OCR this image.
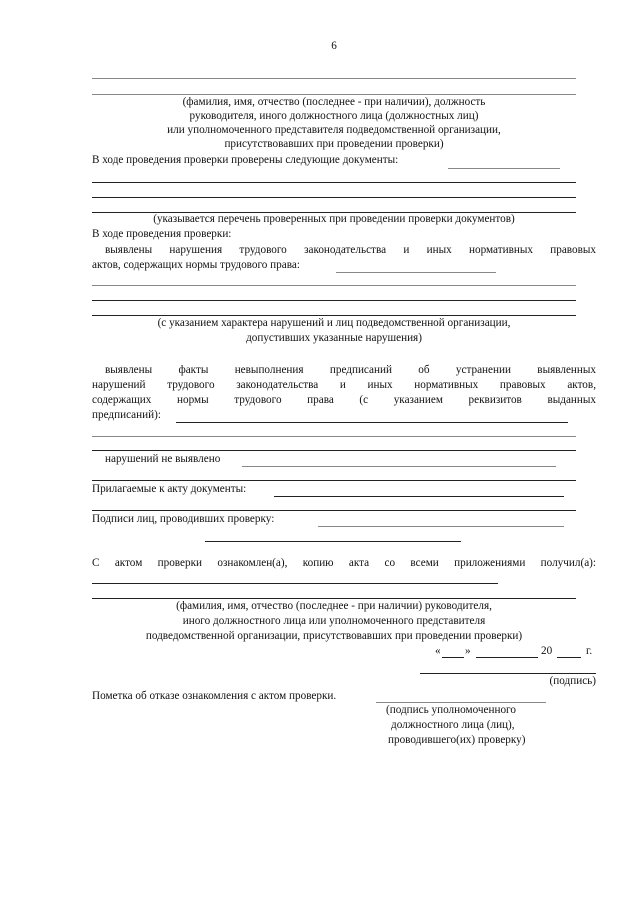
6
(фамилия, имя, отчество (последнее - при наличии), должность
руководителя, иного должностного лица (должностных лиц)
или уполномоченного представителя подведомственной организации,
присутствовавших при проведении проверки)
В ходе проведения проверки проверены следующие документы:
(указывается перечень проверенных при проведении проверки документов)
В ходе проведения проверки:
выявлены нарушения трудового законодательства и иных нормативных правовых
актов, содержащих нормы трудового права:
(с указанием характера нарушений и лиц подведомственной организации,
допустивших указанные нарушения)
выявлены факты невыполнения предписаний об устранении выявленных
нарушений трудового законодательства и иных нормативных правовых актов,
содержащих нормы трудового права (с указанием реквизитов выданных
предписаний):
нарушений не выявлено
Прилагаемые к акту документы:
Подписи лиц, проводивших проверку:
С актом проверки ознакомлен(а), копию акта со всеми приложениями получил(а):
(фамилия, имя, отчество (последнее - при наличии) руководителя,
иного должностного лица или уполномоченного представителя
подведомственной организации, присутствовавших при проведении проверки)
« »	20	г.
(подпись)
Пометка об отказе ознакомления с актом проверки.
(подпись уполномоченного
должностного лица (лиц),
проводившего(их) проверку)
